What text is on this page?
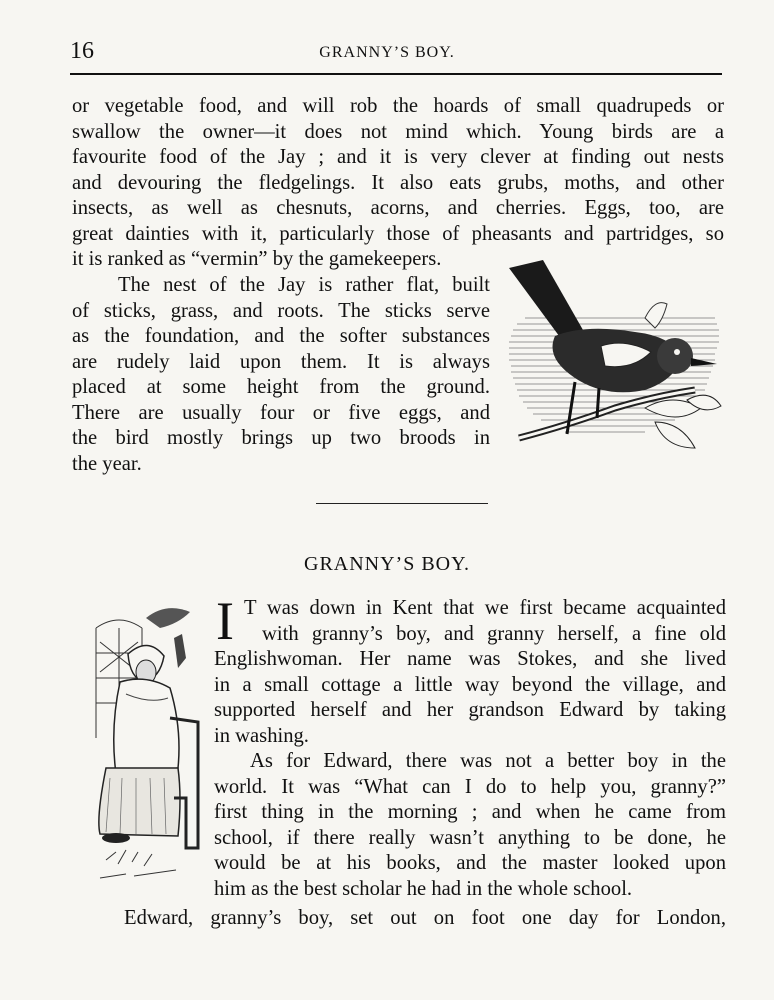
16	GRANNY’S BOY.
or vegetable food, and will rob the hoards of small quadrupeds or
swallow the owner—it does not mind which. Young birds are a
favourite food of the Jay ; and it is very clever at finding out nests
and devouring the fledgelings. It also eats grubs, moths, and other
insects, as well as chesnuts, acorns, and cherries. Eggs, too, are
great dainties with it, particularly those of pheasants and partridges, so
it is ranked as “vermin” by the gamekeepers.
The nest of the Jay is rather flat, built
of sticks, grass, and roots. The sticks serve
as the foundation, and the softer substances
are rudely laid upon them. It is always
placed at some height from the ground.
There are usually four or five eggs, and
the bird mostly brings up two broods in
the year.
GRANNY’S BOY.
I T was down in Kent that we first became acquainted
with granny’s boy, and granny herself, a fine old
Englishwoman. Her name was Stokes, and she lived
in a small cottage a little way beyond the village, and
supported herself and her grandson Edward by taking
in washing.
As for Edward, there was not a better boy in the
world. It was “What can I do to help you, granny?”
first thing in the morning ; and when he came from
school, if there really wasn’t anything to be done, he
would be at his books, and the master looked upon
him as the best scholar he had in the whole school.
Edward, granny’s boy, set out on foot one day for London,
